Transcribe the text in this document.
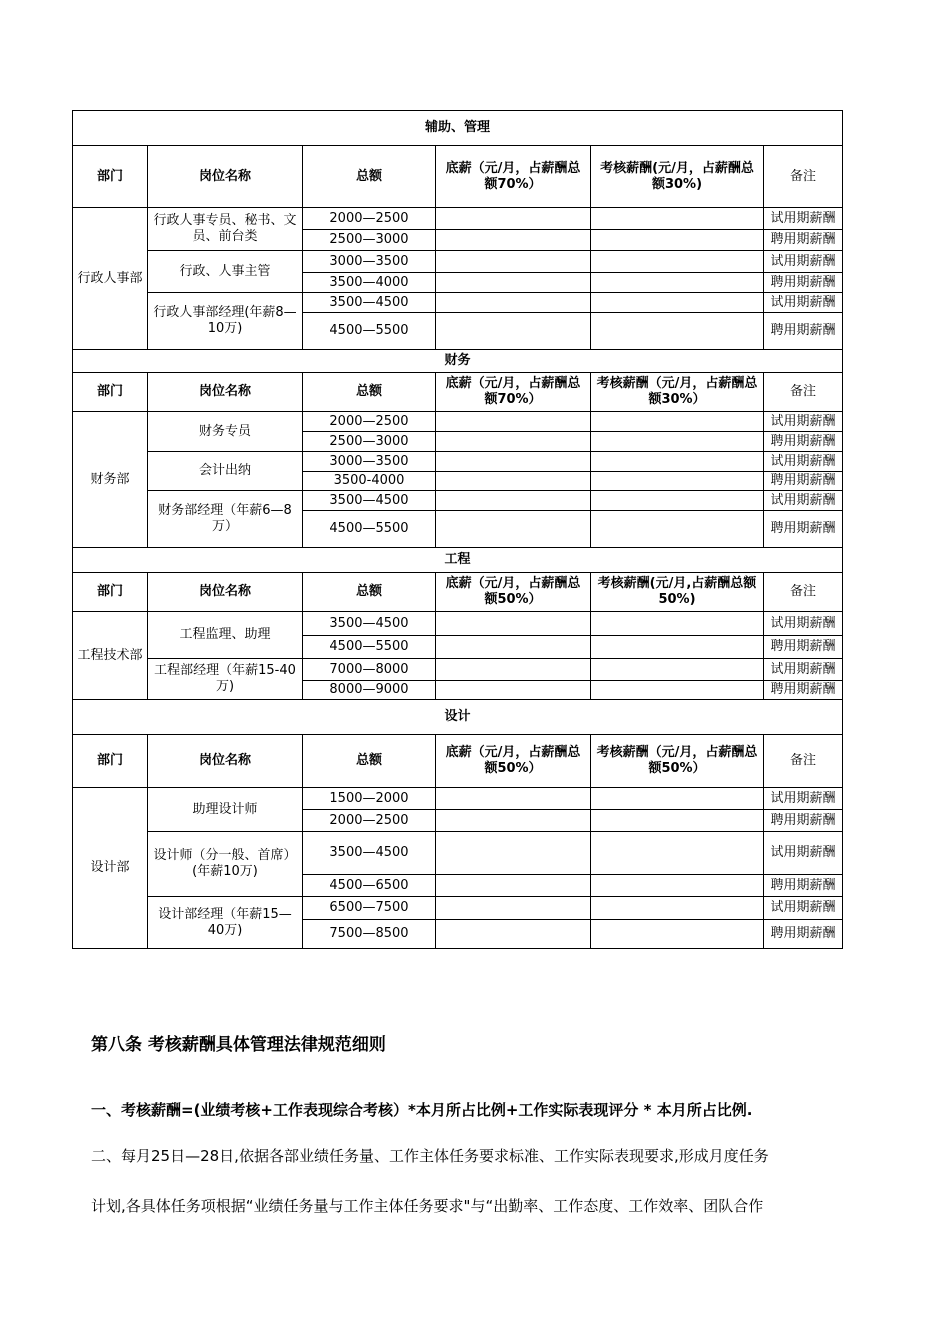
辅助、管理					
部门	岗位名称	总额	底薪（元/月，占薪酬总额70%）	考核薪酬(元/月，占薪酬总额30%)	备注
行政人事部	行政人事专员、秘书、文员、前台类	2000—2500			试用期薪酬
		2500—3000			聘用期薪酬
	行政、人事主管	3000—3500			试用期薪酬
		3500—4000			聘用期薪酬
	行政人事部经理(年薪8—10万)	3500—4500			试用期薪酬
		4500—5500			聘用期薪酬
财务					
部门	岗位名称	总额	底薪（元/月，占薪酬总额70%）	考核薪酬（元/月，占薪酬总额30%）	备注
财务部	财务专员	2000—2500			试用期薪酬
		2500—3000			聘用期薪酬
	会计出纳	3000—3500			试用期薪酬
		3500-4000			聘用期薪酬
	财务部经理（年薪6—8万）	3500—4500			试用期薪酬
		4500—5500			聘用期薪酬
工程					
部门	岗位名称	总额	底薪（元/月，占薪酬总额50%）	考核薪酬(元/月,占薪酬总额50%)	备注
工程技术部	工程监理、助理	3500—4500			试用期薪酬
		4500—5500			聘用期薪酬
	工程部经理（年薪15-40万)	7000—8000			试用期薪酬
		8000—9000			聘用期薪酬
设计					
部门	岗位名称	总额	底薪（元/月，占薪酬总额50%）	考核薪酬（元/月，占薪酬总额50%）	备注
设计部	助理设计师	1500—2000			试用期薪酬
		2000—2500			聘用期薪酬
	设计师（分一般、首席）(年薪10万)	3500—4500			试用期薪酬
		4500—6500			聘用期薪酬
	设计部经理（年薪15—40万)	6500—7500			试用期薪酬
		7500—8500			聘用期薪酬
第八条 考核薪酬具体管理法律规范细则
一、考核薪酬=(业绩考核+工作表现综合考核）*本月所占比例+工作实际表现评分 * 本月所占比例.
二、每月25日—28日,依据各部业绩任务量、工作主体任务要求标准、工作实际表现要求,形成月度任务
计划,各具体任务项根据“业绩任务量与工作主体任务要求"与“出勤率、工作态度、工作效率、团队合作
